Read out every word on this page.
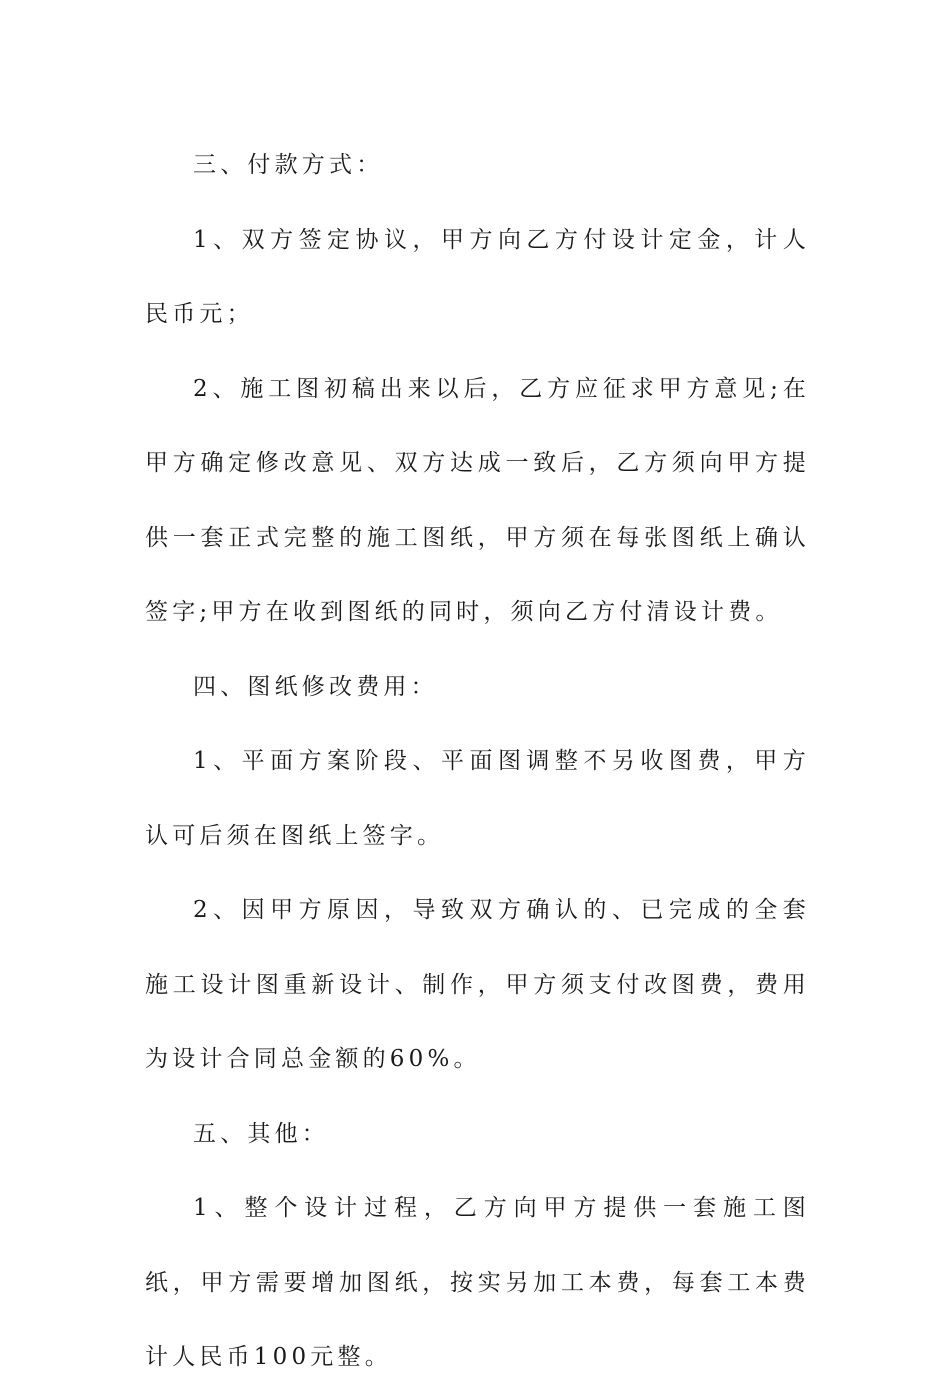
三、付款方式：

1、双方签定协议，甲方向乙方付设计定金，计人民币元；

2、施工图初稿出来以后，乙方应征求甲方意见;在甲方确定修改意见、双方达成一致后，乙方须向甲方提供一套正式完整的施工图纸，甲方须在每张图纸上确认签字;甲方在收到图纸的同时，须向乙方付清设计费。

四、图纸修改费用：

1、平面方案阶段、平面图调整不另收图费，甲方认可后须在图纸上签字。

2、因甲方原因，导致双方确认的、已完成的全套施工设计图重新设计、制作，甲方须支付改图费，费用为设计合同总金额的60%。

五、其他：

1、整个设计过程，乙方向甲方提供一套施工图纸，甲方需要增加图纸，按实另加工本费，每套工本费计人民币100元整。
